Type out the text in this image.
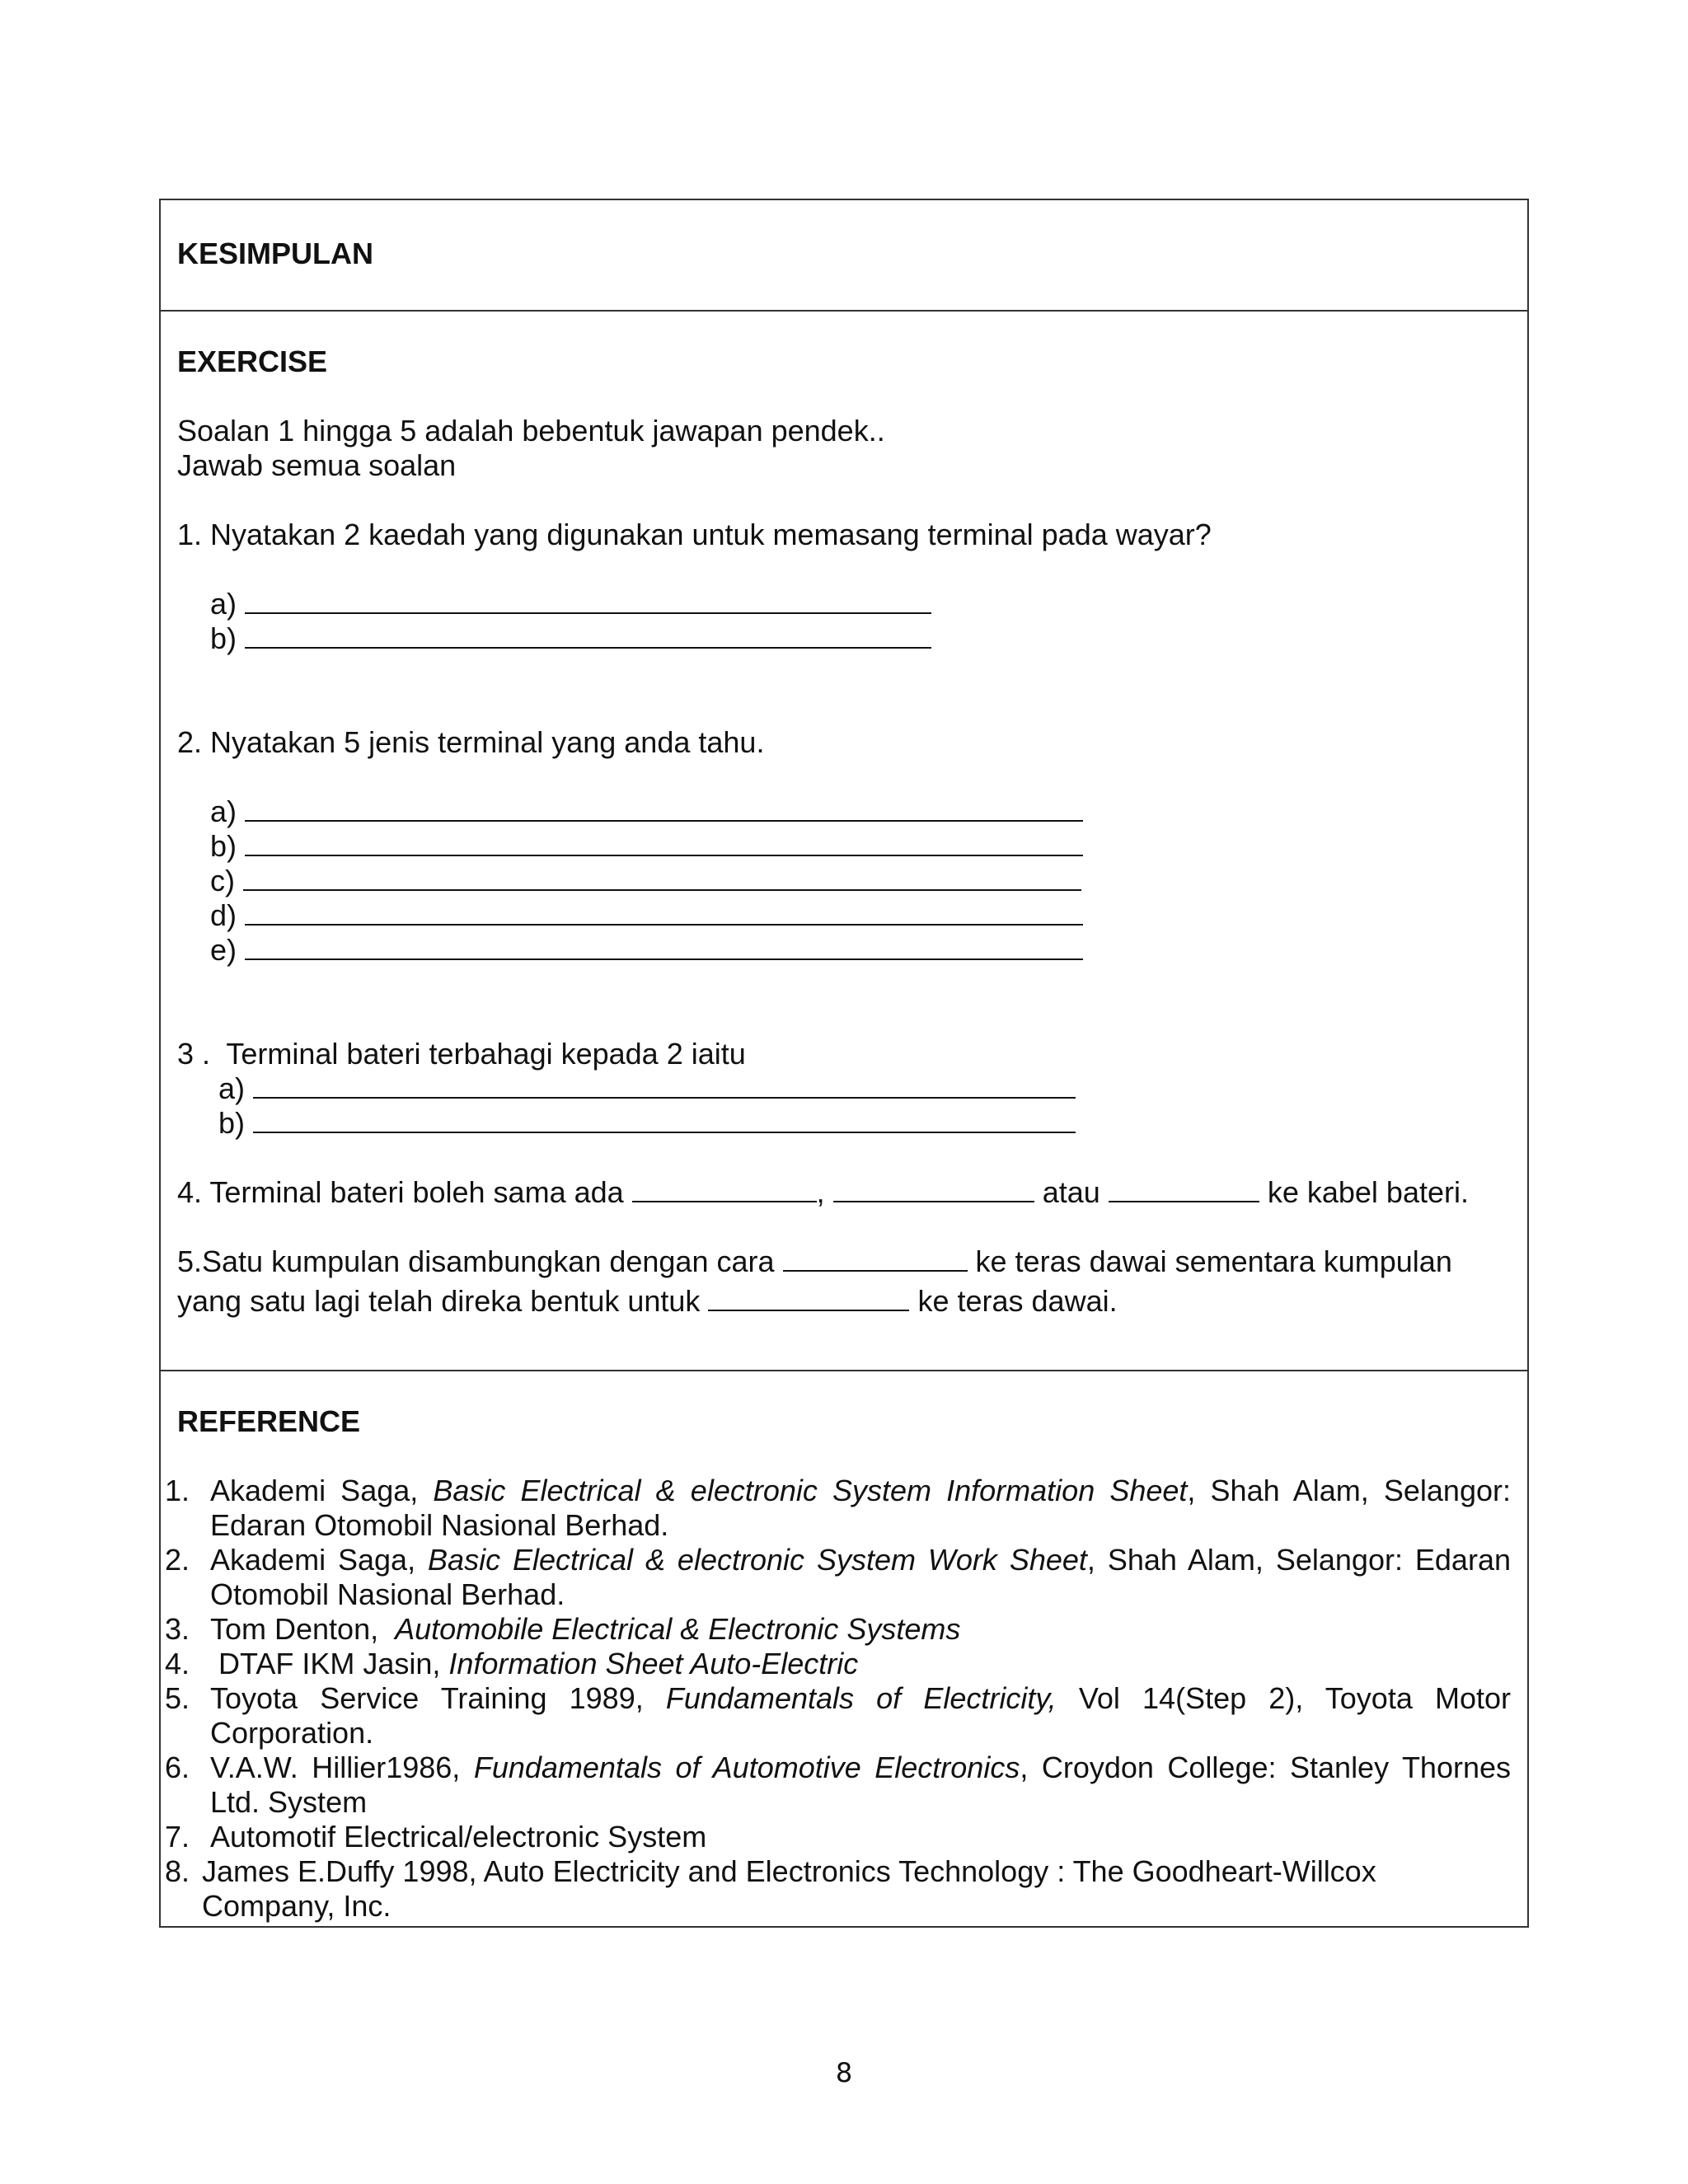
KESIMPULAN
EXERCISE
Soalan 1 hingga 5 adalah bebentuk jawapan pendek..
Jawab semua soalan
1. Nyatakan 2 kaedah yang digunakan untuk memasang terminal pada wayar?
a)
b)
2. Nyatakan 5 jenis terminal yang anda tahu.
a)
b)
c)
d)
e)
3 .  Terminal bateri terbahagi kepada 2 iaitu
a)
b)
4. Terminal bateri boleh sama ada	,	atau	ke kabel bateri.
5.Satu kumpulan disambungkan dengan cara	ke teras dawai sementara kumpulan
yang satu lagi telah direka bentuk untuk	ke teras dawai.
REFERENCE
1. Akademi Saga, Basic Electrical & electronic System Information Sheet, Shah Alam, Selangor: Edaran Otomobil Nasional Berhad.
2. Akademi Saga, Basic Electrical & electronic System Work Sheet, Shah Alam, Selangor: Edaran Otomobil Nasional Berhad.
3. Tom Denton,  Automobile Electrical & Electronic Systems
4. DTAF IKM Jasin, Information Sheet Auto-Electric
5. Toyota Service Training 1989, Fundamentals of Electricity, Vol 14(Step 2), Toyota Motor Corporation.
6. V.A.W. Hillier1986, Fundamentals of Automotive Electronics, Croydon College: Stanley Thornes Ltd. System
7. Automotif Electrical/electronic System
8. James E.Duffy 1998, Auto Electricity and Electronics Technology : The Goodheart-Willcox Company, Inc.
8
